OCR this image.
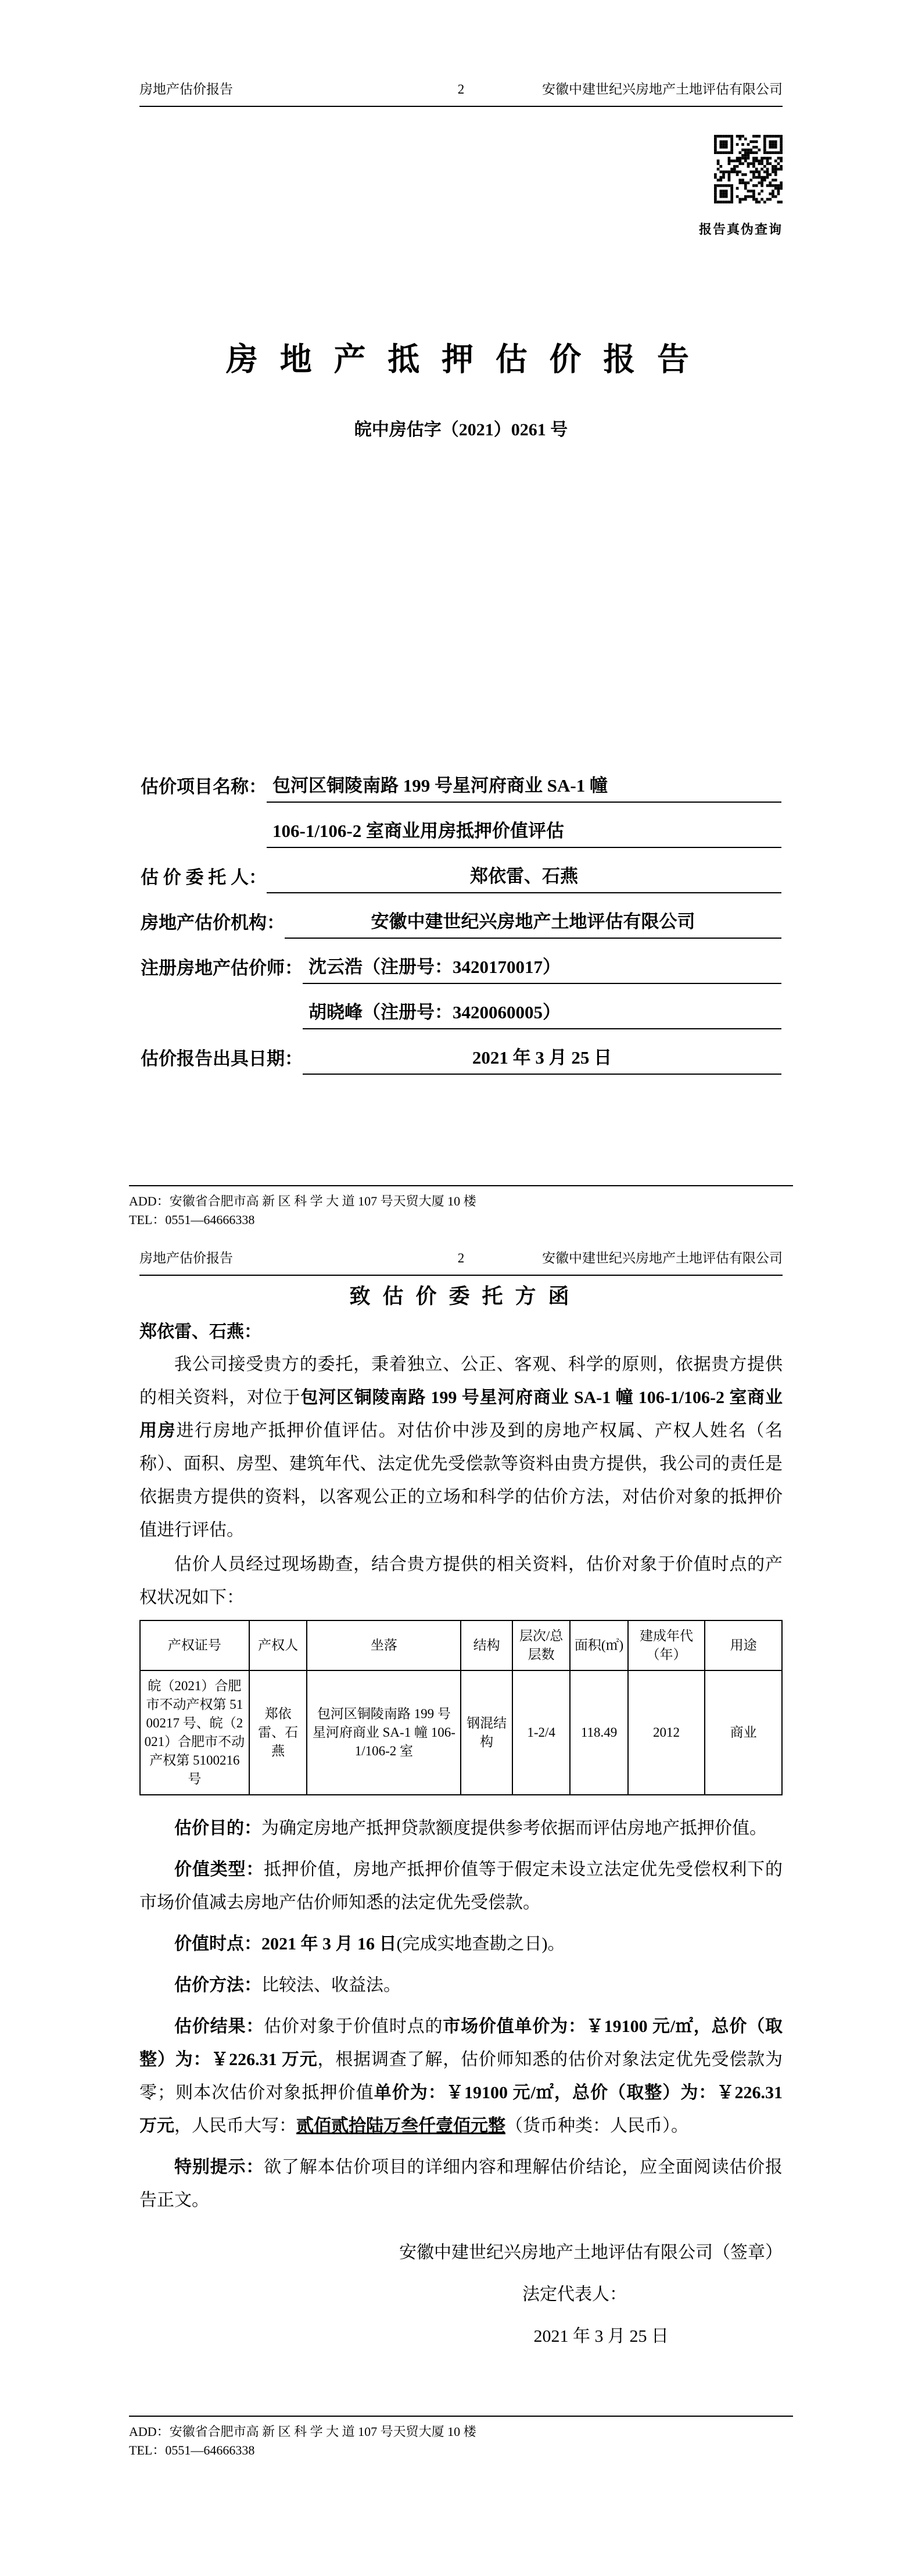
房地产估价报告	2	安徽中建世纪兴房地产土地评估有限公司
报告真伪查询
房 地 产 抵 押 估 价 报 告
皖中房估字（2021）0261 号
估价项目名称： 包河区铜陵南路 199 号星河府商业 SA-1 幢
106-1/106-2 室商业用房抵押价值评估
估 价 委 托 人：	郑依雷、石燕
房地产估价机构：	安徽中建世纪兴房地产土地评估有限公司
注册房地产估价师： 沈云浩（注册号：3420170017）
胡晓峰（注册号：3420060005）
估价报告出具日期：	2021 年 3 月 25 日
ADD：安徽省合肥市高 新 区 科 学 大 道 107 号天贸大厦 10 楼
TEL：0551—64666338
房地产估价报告	2	安徽中建世纪兴房地产土地评估有限公司
致 估 价 委 托 方 函

郑依雷、石燕：

我公司接受贵方的委托，秉着独立、公正、客观、科学的原则，依据贵方提供的相关资料，对位于包河区铜陵南路 199 号星河府商业 SA-1 幢 106-1/106-2 室商业用房进行房地产抵押价值评估。对估价中涉及到的房地产权属、产权人姓名（名称）、面积、房型、建筑年代、法定优先受偿款等资料由贵方提供，我公司的责任是依据贵方提供的资料，以客观公正的立场和科学的估价方法，对估价对象的抵押价值进行评估。

估价人员经过现场勘查，结合贵方提供的相关资料，估价对象于价值时点的产权状况如下：

产权证号	产权人	坐落	结构	层次/总层数	面积(㎡)	建成年代（年）	用途
皖（2021）合肥市不动产权第 5100217 号、皖（2021）合肥市不动产权第 5100216 号	郑依雷、石燕	包河区铜陵南路 199 号星河府商业 SA-1 幢 106-1/106-2 室	钢混结构	1-2/4	118.49	2012	商业

估价目的：为确定房地产抵押贷款额度提供参考依据而评估房地产抵押价值。

价值类型：抵押价值，房地产抵押价值等于假定未设立法定优先受偿权利下的市场价值减去房地产估价师知悉的法定优先受偿款。

价值时点：2021 年 3 月 16 日(完成实地查勘之日)。

估价方法：比较法、收益法。

估价结果：估价对象于价值时点的市场价值单价为：￥19100 元/㎡，总价（取整）为：￥226.31 万元，根据调查了解，估价师知悉的估价对象法定优先受偿款为零；则本次估价对象抵押价值单价为：￥19100 元/㎡，总价（取整）为：￥226.31 万元，人民币大写：贰佰贰拾陆万叁仟壹佰元整（货币种类：人民币）。

特别提示：欲了解本估价项目的详细内容和理解估价结论，应全面阅读估价报告正文。

安徽中建世纪兴房地产土地评估有限公司（签章）
法定代表人：
2021 年 3 月 25 日
ADD：安徽省合肥市高 新 区 科 学 大 道 107 号天贸大厦 10 楼
TEL：0551—64666338
